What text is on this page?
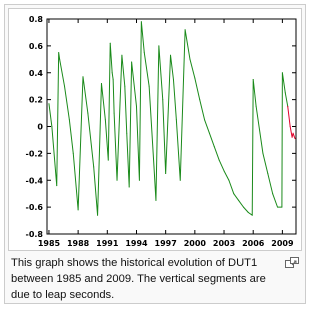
0.8
0.6
0.4
0.2
0
-0.2
-0.4
-0.6
-0.8
1985 1988 1991 1994 1997 2000 2003 2006 2009
This graph shows the historical evolution of DUT1 between 1985 and 2009. The vertical segments are due to leap seconds.
